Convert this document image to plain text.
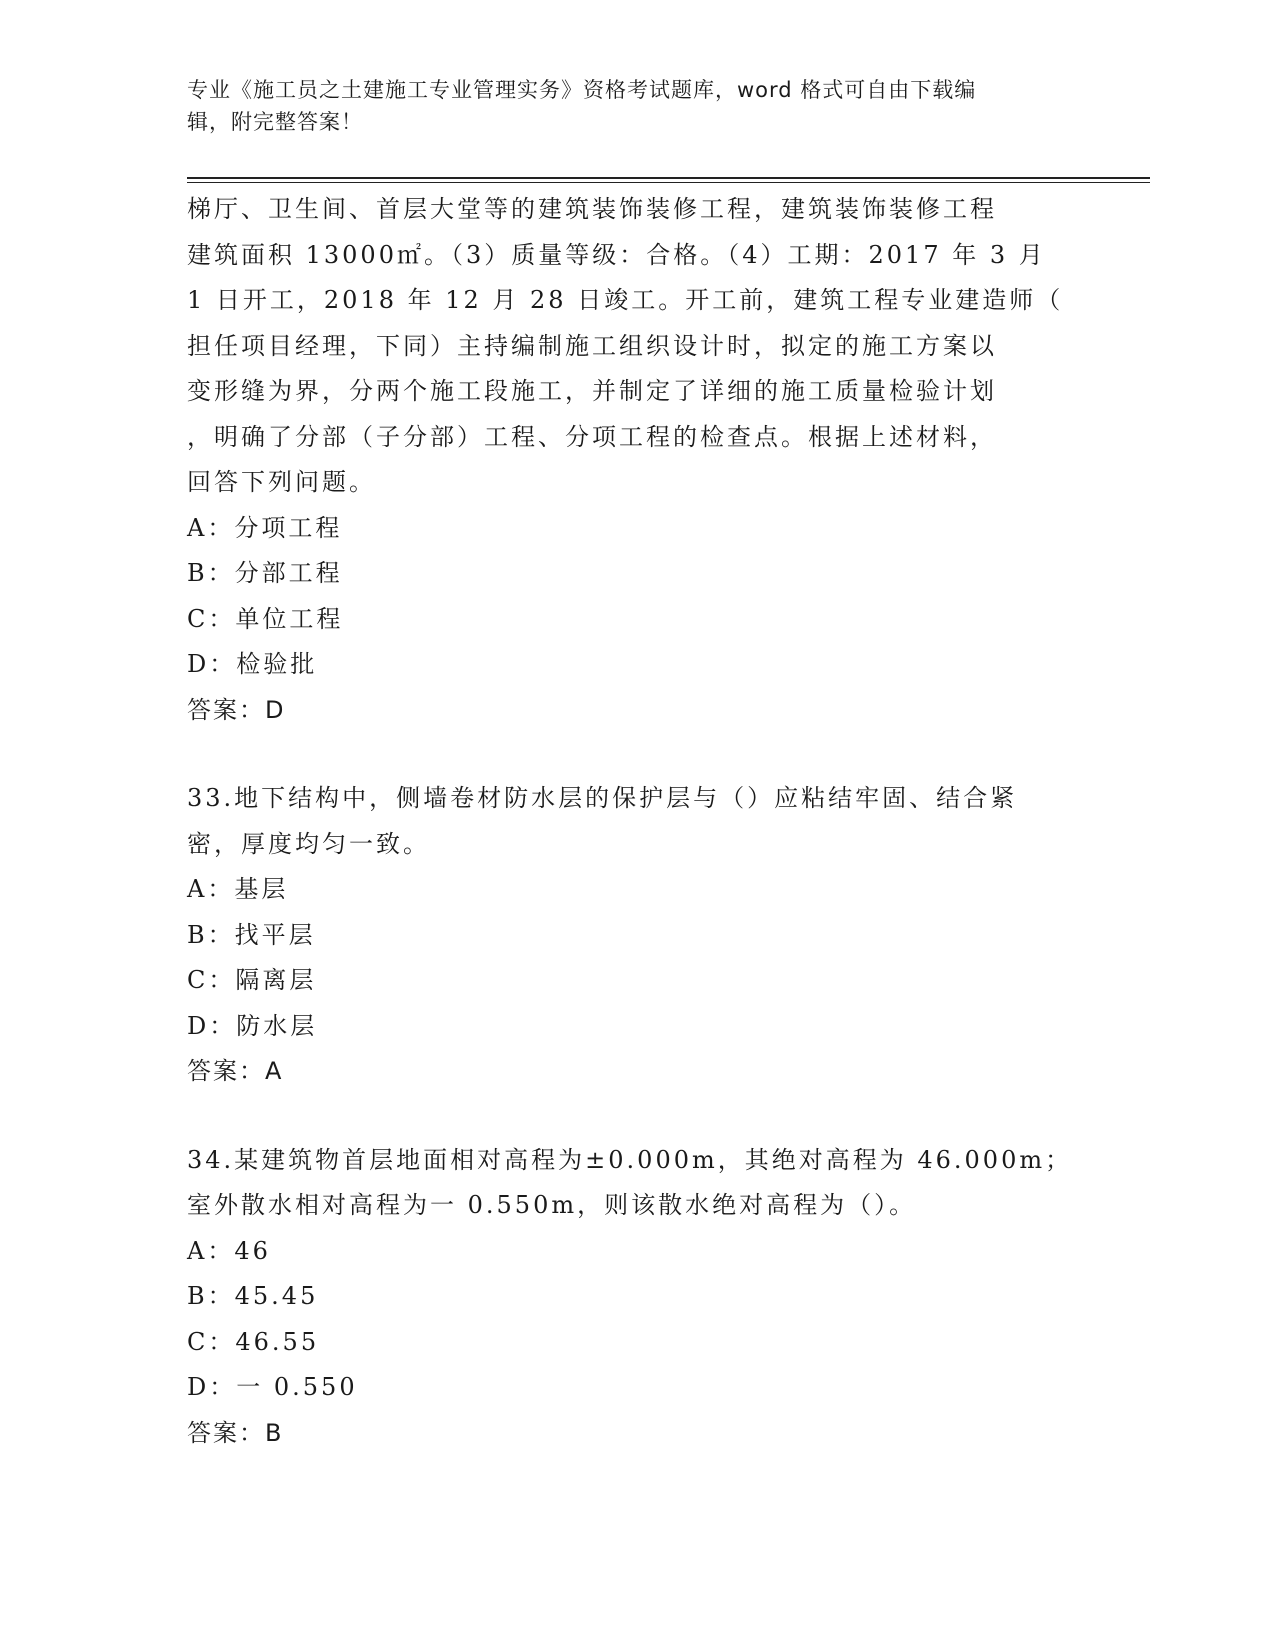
专业《施工员之土建施工专业管理实务》资格考试题库，word 格式可自由下载编
辑，附完整答案！

梯厅、卫生间、首层大堂等的建筑装饰装修工程，建筑装饰装修工程

建筑面积 13000㎡。（3）质量等级：合格。（4）工期：2017 年 3 月

1 日开工，2018 年 12 月 28 日竣工。开工前，建筑工程专业建造师（

担任项目经理，下同）主持编制施工组织设计时，拟定的施工方案以

变形缝为界，分两个施工段施工，并制定了详细的施工质量检验计划

，明确了分部（子分部）工程、分项工程的检查点。根据上述材料，

回答下列问题。

A：分项工程

B：分部工程

C：单位工程

D：检验批

答案：D

33.地下结构中，侧墙卷材防水层的保护层与（）应粘结牢固、结合紧

密，厚度均匀一致。

A：基层

B：找平层

C：隔离层

D：防水层

答案：A

34.某建筑物首层地面相对高程为±0.000m，其绝对高程为 46.000m；

室外散水相对高程为一 0.550m，则该散水绝对高程为（）。

A：46

B：45.45

C：46.55

D：一 0.550

答案：B
